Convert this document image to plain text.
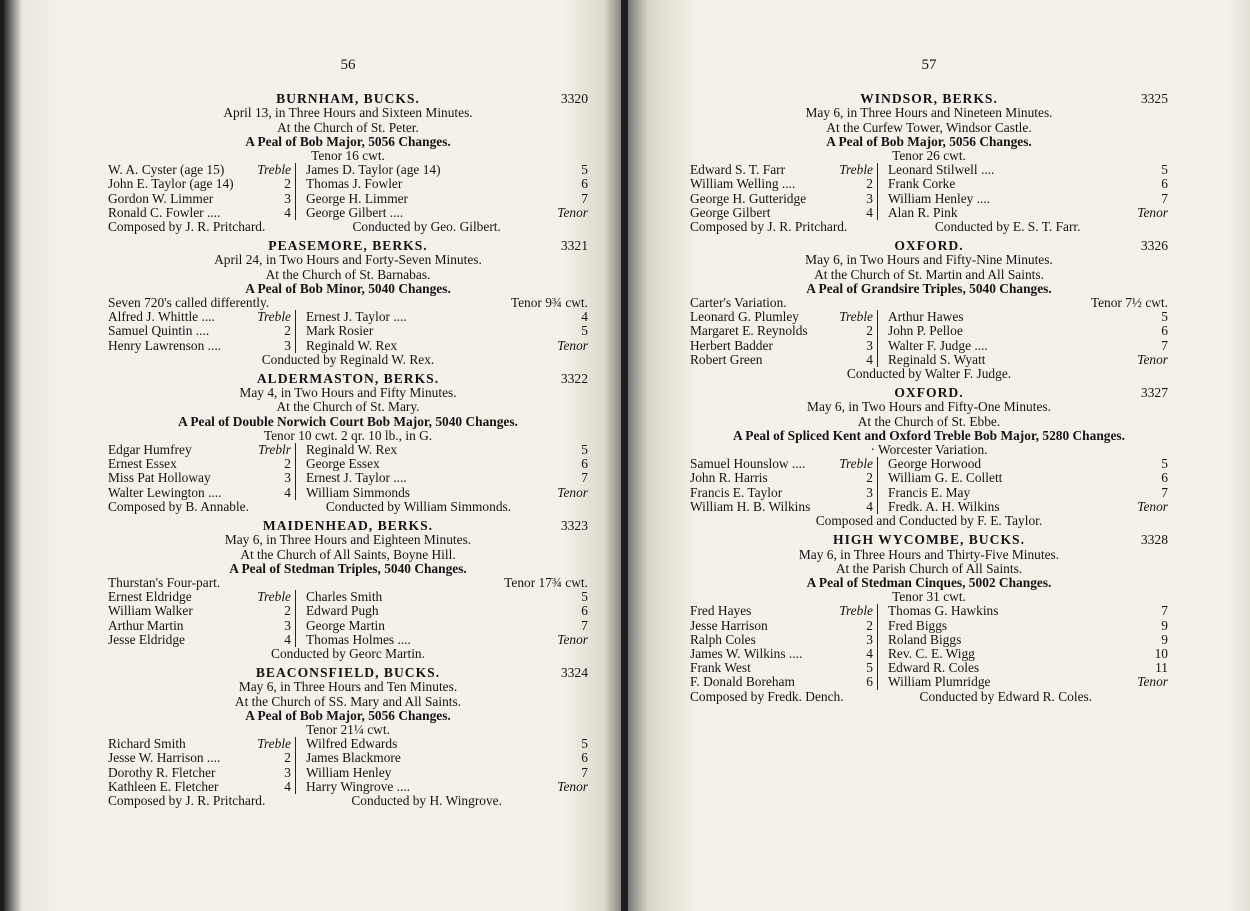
56
BURNHAM, BUCKS.	3320
April 13, in Three Hours and Sixteen Minutes.
At the Church of St. Peter.
A Peal of Bob Major, 5056 Changes.
Tenor 16 cwt.
W. A. Cyster (age 15)	Treble	James D. Taylor (age 14)	5
John E. Taylor (age 14)	2	Thomas J. Fowler	6
Gordon W. Limmer	3	George H. Limmer	7
Ronald C. Fowler ....	4	George Gilbert ....	Tenor
Composed by J. R. Pritchard.	Conducted by Geo. Gilbert.
PEASEMORE, BERKS.	3321
April 24, in Two Hours and Forty-Seven Minutes.
At the Church of St. Barnabas.
A Peal of Bob Minor, 5040 Changes.
Seven 720's called differently.	Tenor 9¾ cwt.
Alfred J. Whittle ....	Treble	Ernest J. Taylor ....	4
Samuel Quintin ....	2	Mark Rosier	5
Henry Lawrenson ....	3	Reginald W. Rex	Tenor
Conducted by Reginald W. Rex.
ALDERMASTON, BERKS.	3322
May 4, in Two Hours and Fifty Minutes.
At the Church of St. Mary.
A Peal of Double Norwich Court Bob Major, 5040 Changes.
Tenor 10 cwt. 2 qr. 10 lb., in G.
Edgar Humfrey	Treblr	Reginald W. Rex	5
Ernest Essex	2	George Essex	6
Miss Pat Holloway	3	Ernest J. Taylor ....	7
Walter Lewington ....	4	William Simmonds	Tenor
Composed by B. Annable.	Conducted by William Simmonds.
MAIDENHEAD, BERKS.	3323
May 6, in Three Hours and Eighteen Minutes.
At the Church of All Saints, Boyne Hill.
A Peal of Stedman Triples, 5040 Changes.
Thurstan's Four-part.	Tenor 17¾ cwt.
Ernest Eldridge	Treble	Charles Smith	5
William Walker	2	Edward Pugh	6
Arthur Martin	3	George Martin	7
Jesse Eldridge	4	Thomas Holmes ....	Tenor
Conducted by Georc Martin.
BEACONSFIELD, BUCKS.	3324
May 6, in Three Hours and Ten Minutes.
At the Church of SS. Mary and All Saints.
A Peal of Bob Major, 5056 Changes.
Tenor 21¼ cwt.
Richard Smith	Treble	Wilfred Edwards	5
Jesse W. Harrison ....	2	James Blackmore	6
Dorothy R. Fletcher	3	William Henley	7
Kathleen E. Fletcher	4	Harry Wingrove ....	Tenor
Composed by J. R. Pritchard.	Conducted by H. Wingrove.
57
WINDSOR, BERKS.	3325
May 6, in Three Hours and Nineteen Minutes.
At the Curfew Tower, Windsor Castle.
A Peal of Bob Major, 5056 Changes.
Tenor 26 cwt.
Edward S. T. Farr	Treble	Leonard Stilwell ....	5
William Welling ....	2	Frank Corke	6
George H. Gutteridge	3	William Henley ....	7
George Gilbert	4	Alan R. Pink	Tenor
Composed by J. R. Pritchard.	Conducted by E. S. T. Farr.
OXFORD.	3326
May 6, in Two Hours and Fifty-Nine Minutes.
At the Church of St. Martin and All Saints.
A Peal of Grandsire Triples, 5040 Changes.
Carter's Variation.	Tenor 7½ cwt.
Leonard G. Plumley	Treble	Arthur Hawes	5
Margaret E. Reynolds	2	John P. Pelloe	6
Herbert Badder	3	Walter F. Judge ....	7
Robert Green	4	Reginald S. Wyatt	Tenor
Conducted by Walter F. Judge.
OXFORD.	3327
May 6, in Two Hours and Fifty-One Minutes.
At the Church of St. Ebbe.
A Peal of Spliced Kent and Oxford Treble Bob Major, 5280 Changes.
· Worcester Variation.
Samuel Hounslow ....	Treble	George Horwood	5
John R. Harris	2	William G. E. Collett	6
Francis E. Taylor	3	Francis E. May	7
William H. B. Wilkins	4	Fredk. A. H. Wilkins	Tenor
Composed and Conducted by F. E. Taylor.
HIGH WYCOMBE, BUCKS.	3328
May 6, in Three Hours and Thirty-Five Minutes.
At the Parish Church of All Saints.
A Peal of Stedman Cinques, 5002 Changes.
Tenor 31 cwt.
Fred Hayes	Treble	Thomas G. Hawkins	7
Jesse Harrison	2	Fred Biggs	9
Ralph Coles	3	Roland Biggs	9
James W. Wilkins ....	4	Rev. C. E. Wigg	10
Frank West	5	Edward R. Coles	11
F. Donald Boreham	6	William Plumridge	Tenor
Composed by Fredk. Dench.	Conducted by Edward R. Coles.
